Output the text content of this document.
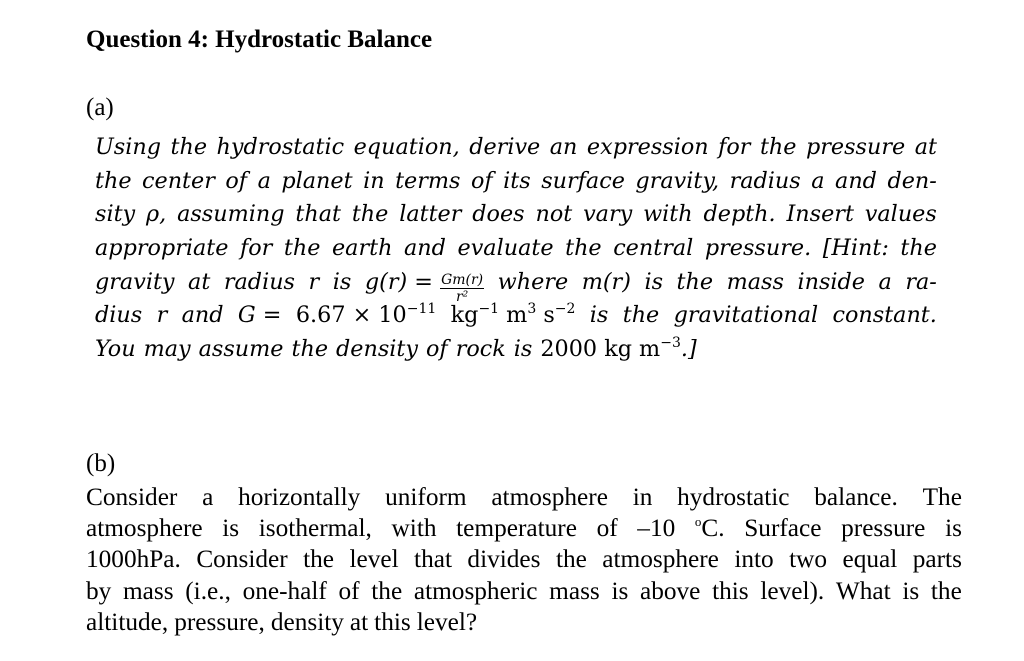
Question 4: Hydrostatic Balance

(a)

Using the hydrostatic equation, derive an expression for the pressure at
the center of a planet in terms of its surface gravity, radius a and den-
sity ρ, assuming that the latter does not vary with depth. Insert values
appropriate for the earth and evaluate the central pressure. [Hint: the
gravity at radius r is $g(r) = \frac{Gm(r)}{\text{r²}}$ where m(r) is the mass inside a ra-
dius r and $G = 6.67 \times 10^{-11}$ $kg^{-1}$ $m^3$ $s^{-2}$ is the gravitational constant.
You may assume the density of rock is 2000 kg $m^{-3}$.]

(b)

Consider a horizontally uniform atmosphere in hydrostatic balance. The
atmosphere is isothermal, with temperature of –10 $^o$C. Surface pressure is
1000hPa. Consider the level that divides the atmosphere into two equal parts
by mass (i.e., one-half of the atmospheric mass is above this level). What is the
altitude, pressure, density at this level?
